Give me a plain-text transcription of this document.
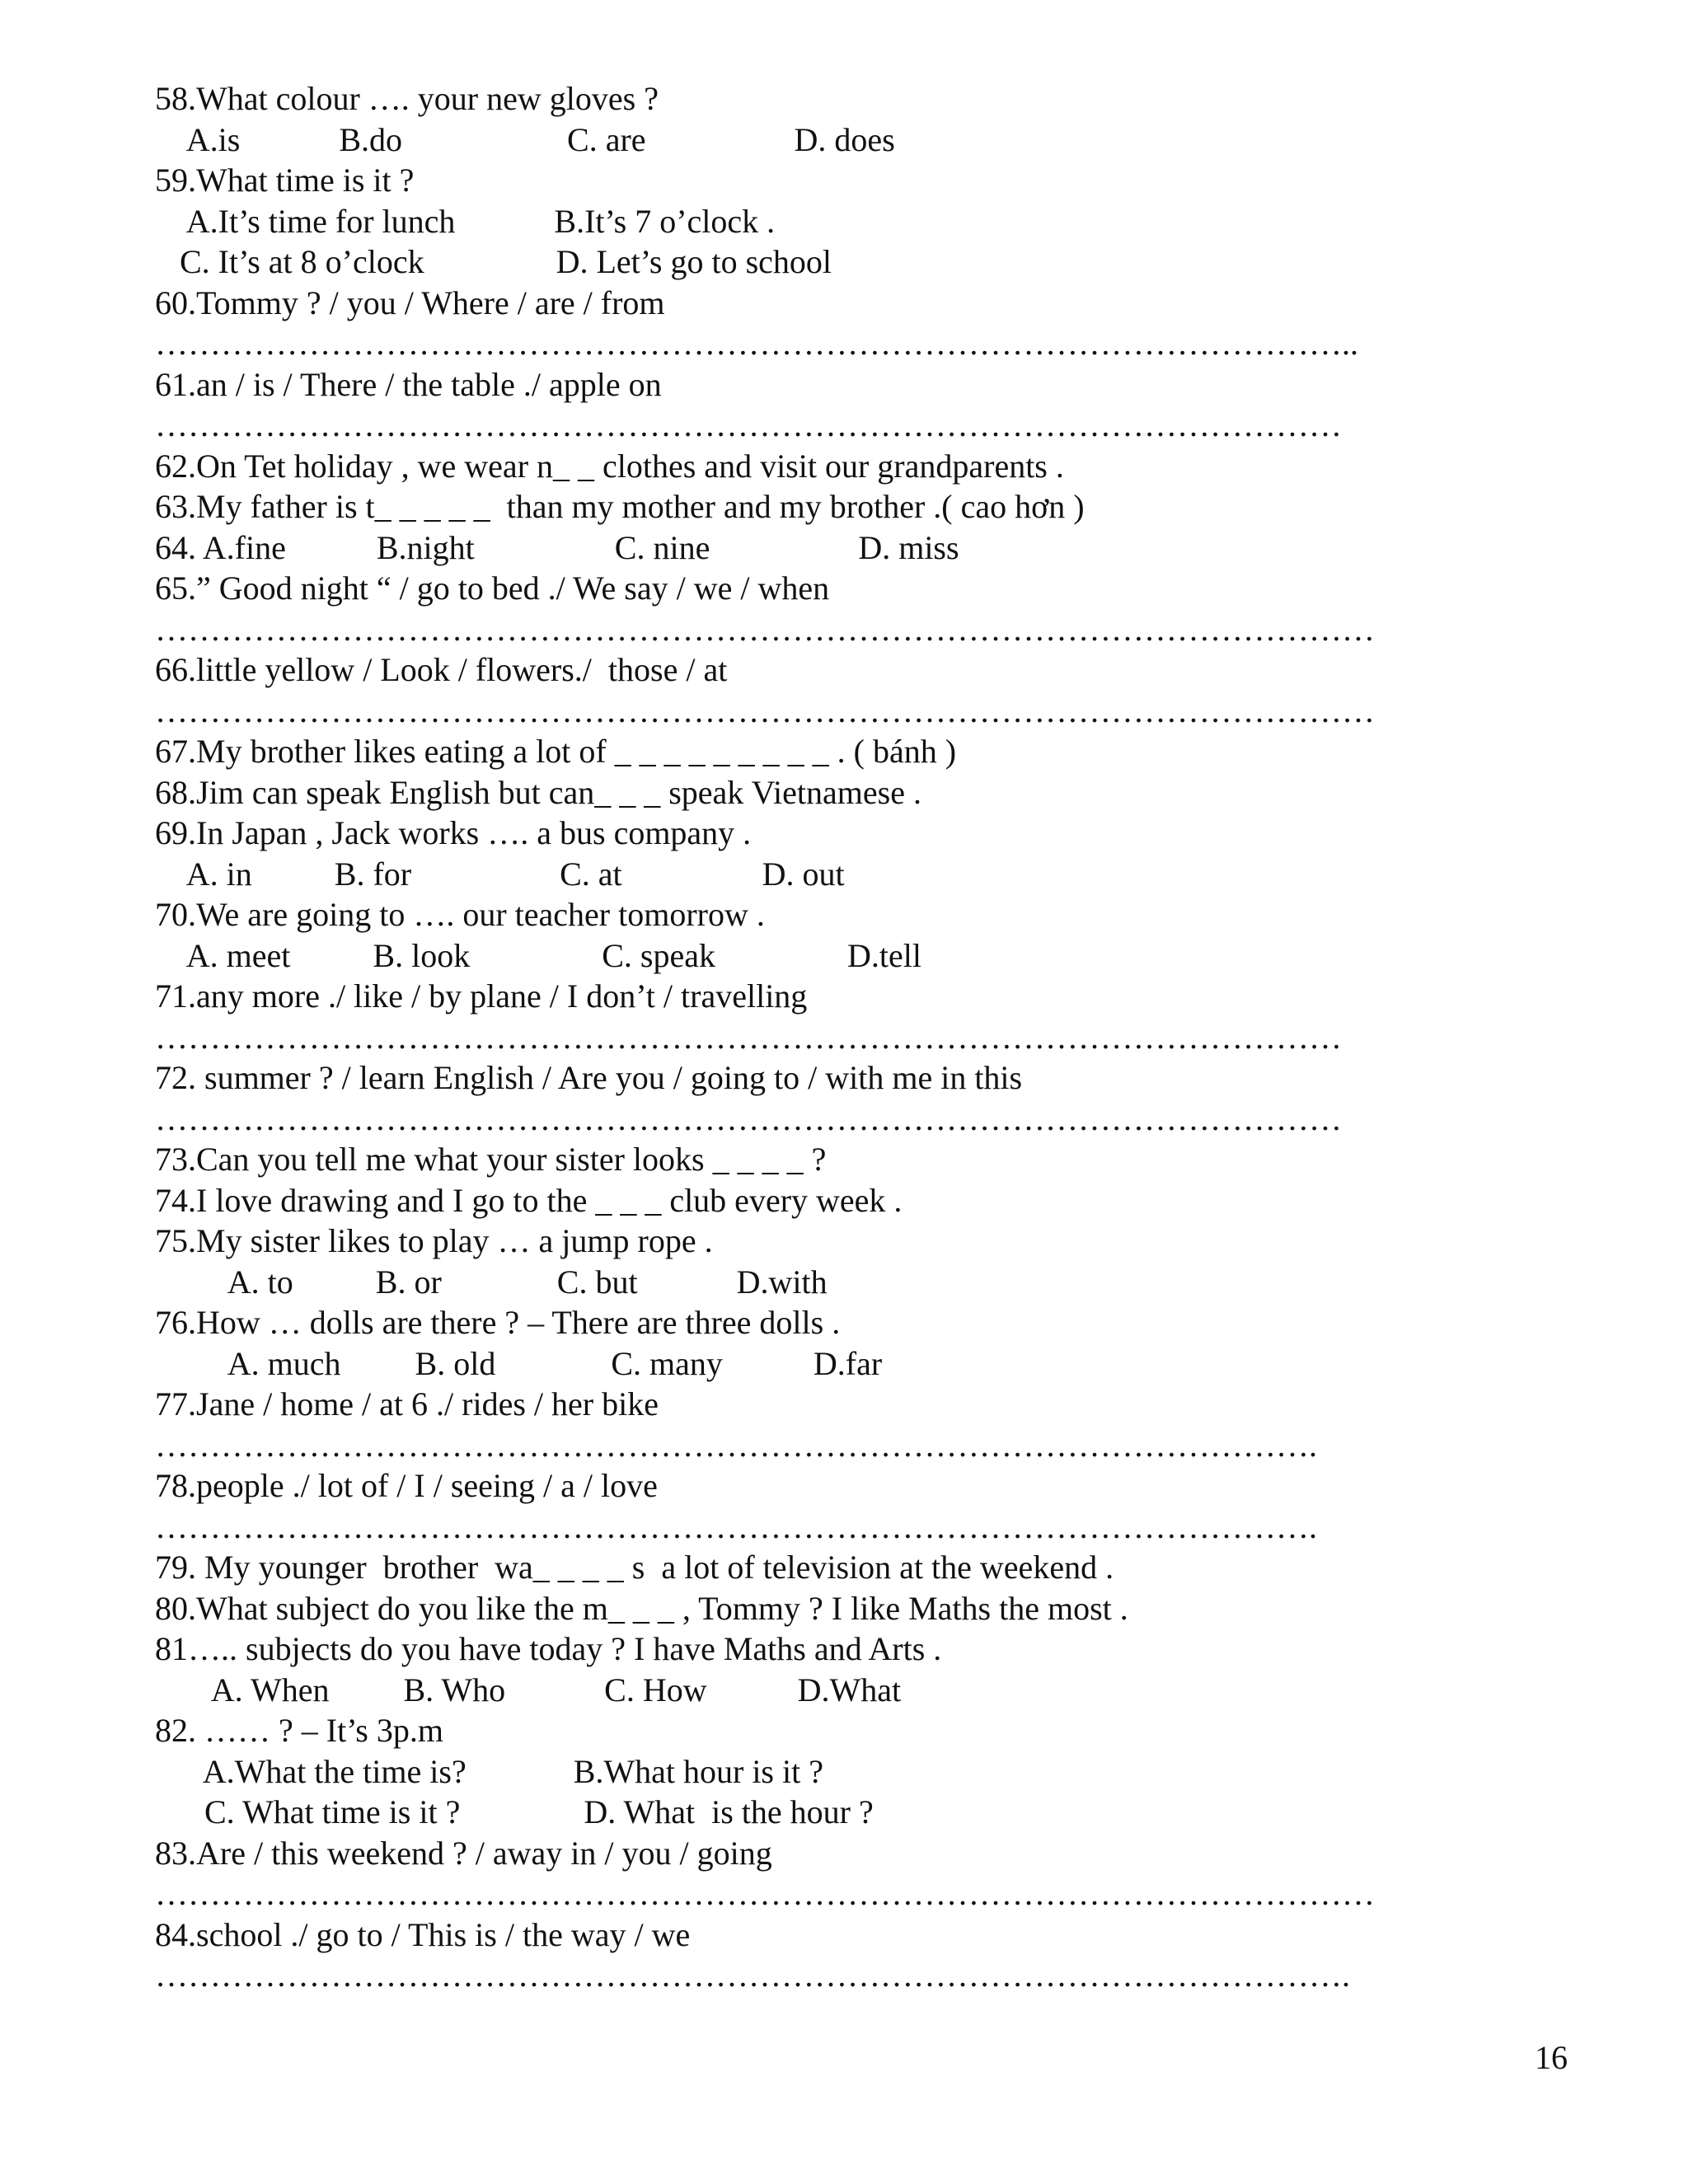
58.What colour …. your new gloves ?
A.is            B.do                    C. are                  D. does
59.What time is it ?
A.It’s time for lunch            B.It’s 7 o’clock .
C. It’s at 8 o’clock                D. Let’s go to school
60.Tommy ? / you / Where / are / from
………………………………………………………………………………………………..
61.an / is / There / the table ./ apple on
………………………………………………………………………………………………
62.On Tet holiday , we wear n_ _ clothes and visit our grandparents .
63.My father is t_ _ _ _ _  than my mother and my brother .( cao hơn )
64. A.fine           B.night                 C. nine                  D. miss
65.” Good night “ / go to bed ./ We say / we / when
…………………………………………………………………………………………………
66.little yellow / Look / flowers./  those / at
…………………………………………………………………………………………………
67.My brother likes eating a lot of _ _ _ _ _ _ _ _ _ . ( bánh )
68.Jim can speak English but can_ _ _ speak Vietnamese .
69.In Japan , Jack works …. a bus company .
A. in          B. for                  C. at                 D. out
70.We are going to …. our teacher tomorrow .
A. meet          B. look                C. speak                D.tell
71.any more ./ like / by plane / I don’t / travelling
………………………………………………………………………………………………
72. summer ? / learn English / Are you / going to / with me in this
………………………………………………………………………………………………
73.Can you tell me what your sister looks _ _ _ _ ?
74.I love drawing and I go to the _ _ _ club every week .
75.My sister likes to play … a jump rope .
A. to          B. or              C. but            D.with
76.How … dolls are there ? – There are three dolls .
A. much         B. old              C. many           D.far
77.Jane / home / at 6 ./ rides / her bike
…………………………………………………………………………………………….
78.people ./ lot of / I / seeing / a / love
…………………………………………………………………………………………….
79. My younger  brother  wa_ _ _ _ s  a lot of television at the weekend .
80.What subject do you like the m_ _ _ , Tommy ? I like Maths the most .
81….. subjects do you have today ? I have Maths and Arts .
A. When         B. Who            C. How           D.What
82. …… ? – It’s 3p.m
A.What the time is?             B.What hour is it ?
C. What time is it ?               D. What  is the hour ?
83.Are / this weekend ? / away in / you / going
…………………………………………………………………………………………………
84.school ./ go to / This is / the way / we
……………………………………………………………………………………………….
16
